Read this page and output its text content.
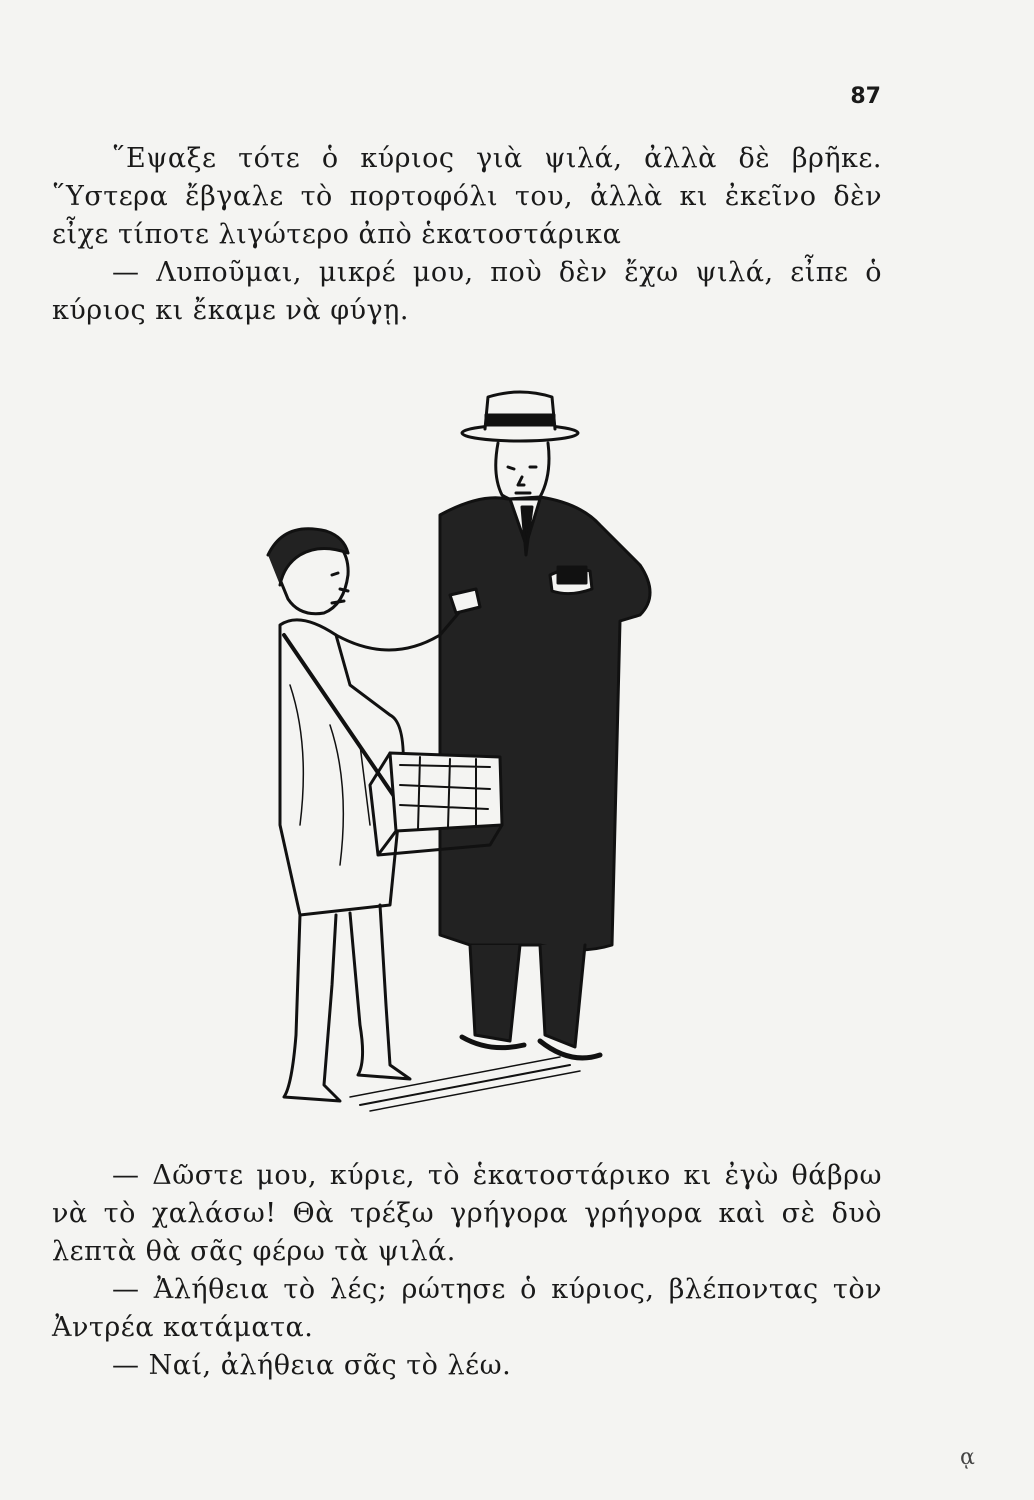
87

῞Εψαξε τότε ὁ κύριος γιὰ ψιλά, ἀλλὰ δὲ βρῆκε. ῞Υστερα ἔβγαλε τὸ πορτοφόλι του, ἀλλὰ κι ἐκεῖνο δὲν εἶχε τίποτε λιγώτερο ἀπὸ ἑκατοστάρικα

— Λυποῦμαι, μικρέ μου, ποὺ δὲν ἔχω ψιλά, εἶπε ὁ κύριος κι ἔκαμε νὰ φύγῃ.

— Δῶστε μου, κύριε, τὸ ἑκατοστάρικο κι ἐγὼ θάβρω νὰ τὸ χαλάσω! Θὰ τρέξω γρήγορα γρήγορα καὶ σὲ δυὸ λεπτὰ θὰ σᾶς φέρω τὰ ψιλά.

— Ἀλήθεια τὸ λές; ρώτησε ὁ κύριος, βλέποντας τὸν Ἀντρέα κατάματα.

— Ναί, ἀλήθεια σᾶς τὸ λέω.

ᾳ
